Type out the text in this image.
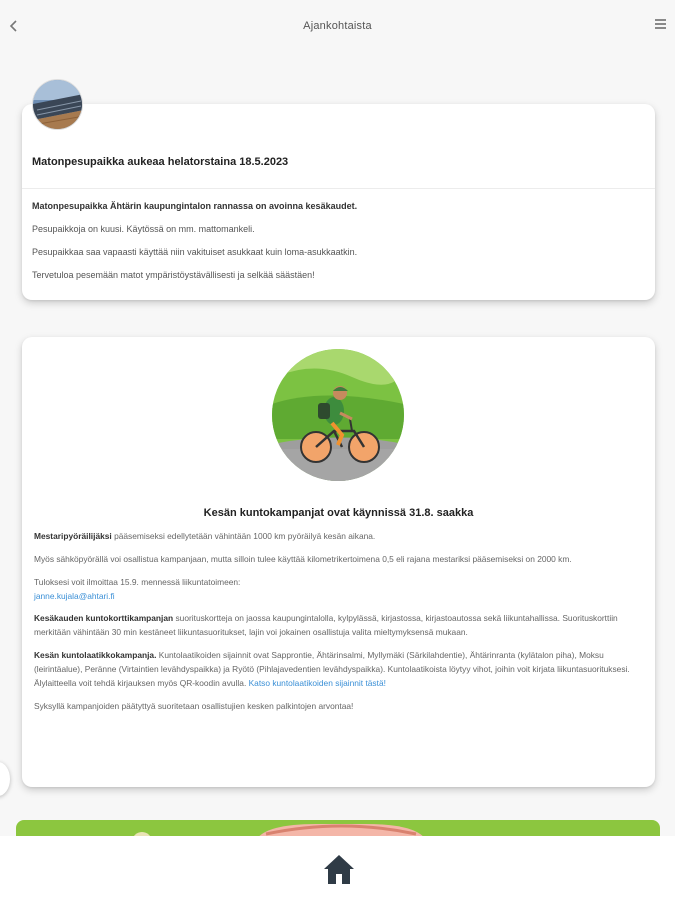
Ajankohtaista
Matonpesupaikka aukeaa helatorstaina 18.5.2023

Matonpesupaikka Ähtärin kaupungintalon rannassa on avoinna kesäkaudet.

Pesupaikkoja on kuusi. Käytössä on mm. mattomankeli.

Pesupaikkaa saa vapaasti käyttää niin vakituiset asukkaat kuin loma-asukkaatkin.

Tervetuloa pesemään matot ympäristöystävällisesti ja selkää säästäen!

Kesän kuntokampanjat ovat käynnissä 31.8. saakka

Mestaripyöräilijäksi pääsemiseksi edellytetään vähintään 1000 km pyöräilyä kesän aikana.

Myös sähköpyörällä voi osallistua kampanjaan, mutta silloin tulee käyttää kilometrikertoimena 0,5 eli rajana mestariksi pääsemiseksi on 2000 km.

Tuloksesi voit ilmoittaa 15.9. mennessä liikuntatoimeen:
janne.kujala@ahtari.fi

Kesäkauden kuntokorttikampanjan suorituskortteja on jaossa kaupungintalolla, kylpylässä, kirjastossa, kirjastoautossa sekä liikuntahallissa. Suorituskorttiin merkitään vähintään 30 min kestäneet liikuntasuoritukset, lajin voi jokainen osallistuja valita mieltymyksensä mukaan.

Kesän kuntolaatikkokampanja. Kuntolaatikoiden sijainnit ovat Sapprontie, Ähtärinsalmi, Myllymäki (Särkilahdentie), Ähtärinranta (kylätalon piha), Moksu (leirintäalue), Peränne (Virtaintien levähdyspaikka) ja Ryötö (Pihlajavedentien levähdyspaikka). Kuntolaatikoista löytyy vihot, joihin voit kirjata liikuntasuorituksesi. Älylaitteella voit tehdä kirjauksen myös QR-koodin avulla. Katso kuntolaatikoiden sijainnit tästä!

Syksyllä kampanjoiden päätyttyä suoritetaan osallistujien kesken palkintojen arvontaa!
